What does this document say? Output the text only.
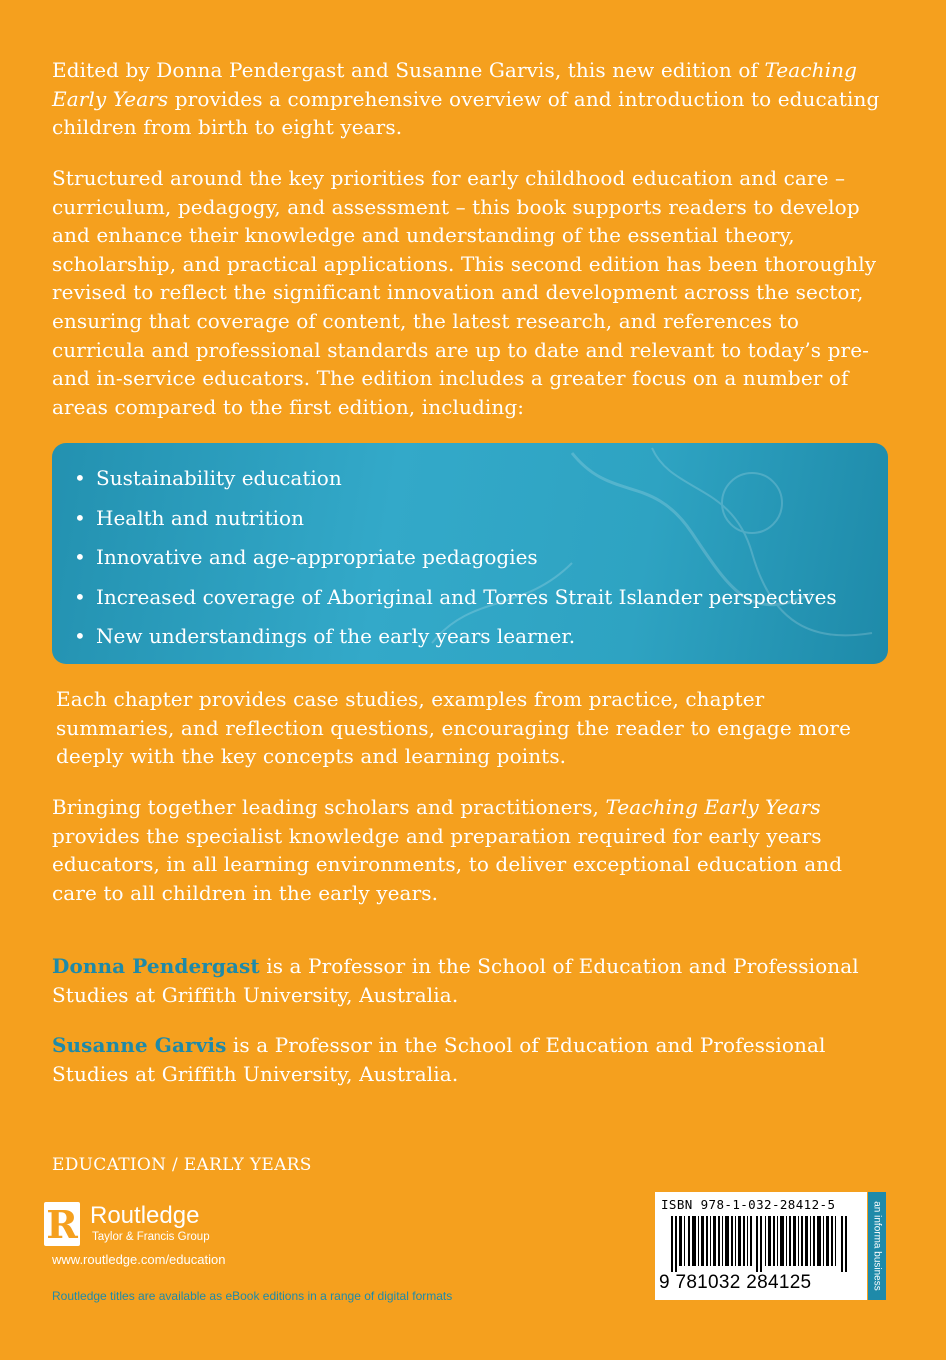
Edited by Donna Pendergast and Susanne Garvis, this new edition of Teaching Early Years provides a comprehensive overview of and introduction to educating children from birth to eight years.

Structured around the key priorities for early childhood education and care – curriculum, pedagogy, and assessment – this book supports readers to develop and enhance their knowledge and understanding of the essential theory, scholarship, and practical applications. This second edition has been thoroughly revised to reflect the significant innovation and development across the sector, ensuring that coverage of content, the latest research, and references to curricula and professional standards are up to date and relevant to today’s pre- and in-service educators. The edition includes a greater focus on a number of areas compared to the first edition, including:

• Sustainability education
• Health and nutrition
• Innovative and age-appropriate pedagogies
• Increased coverage of Aboriginal and Torres Strait Islander perspectives
• New understandings of the early years learner.

Each chapter provides case studies, examples from practice, chapter summaries, and reflection questions, encouraging the reader to engage more deeply with the key concepts and learning points.

Bringing together leading scholars and practitioners, Teaching Early Years provides the specialist knowledge and preparation required for early years educators, in all learning environments, to deliver exceptional education and care to all children in the early years.

Donna Pendergast is a Professor in the School of Education and Professional Studies at Griffith University, Australia.

Susanne Garvis is a Professor in the School of Education and Professional Studies at Griffith University, Australia.

EDUCATION / EARLY YEARS
R Routledge
Taylor & Francis Group
www.routledge.com/education
Routledge titles are available as eBook editions in a range of digital formats
ISBN 978-1-032-28412-5
9 781032 284125	an informa business
